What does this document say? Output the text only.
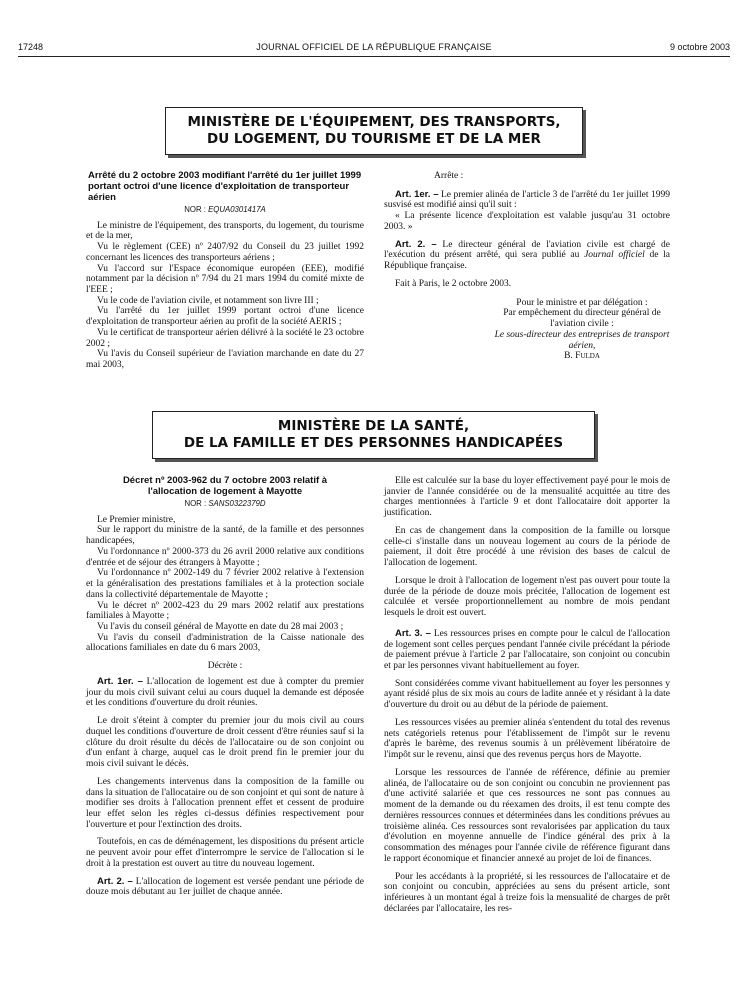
17248	JOURNAL OFFICIEL DE LA RÉPUBLIQUE FRANÇAISE	9 octobre 2003
MINISTÈRE DE L'ÉQUIPEMENT, DES TRANSPORTS,
DU LOGEMENT, DU TOURISME ET DE LA MER
Arrêté du 2 octobre 2003 modifiant l'arrêté du 1er juillet 1999 portant octroi d'une licence d'exploitation de transporteur aérien
NOR : EQUA0301417A

Le ministre de l'équipement, des transports, du logement, du tourisme et de la mer,

Vu le règlement (CEE) nº 2407/92 du Conseil du 23 juillet 1992 concernant les licences des transporteurs aériens ;

Vu l'accord sur l'Espace économique européen (EEE), modifié notamment par la décision nº 7/94 du 21 mars 1994 du comité mixte de l'EEE ;

Vu le code de l'aviation civile, et notamment son livre III ;

Vu l'arrêté du 1er juillet 1999 portant octroi d'une licence d'exploitation de transporteur aérien au profit de la société AERIS ;

Vu le certificat de transporteur aérien délivré à la société le 23 octobre 2002 ;

Vu l'avis du Conseil supérieur de l'aviation marchande en date du 27 mai 2003,

Arrête :

Art. 1er. – Le premier alinéa de l'article 3 de l'arrêté du 1er juillet 1999 susvisé est modifié ainsi qu'il suit :

« La présente licence d'exploitation est valable jusqu'au 31 octobre 2003. »

Art. 2. – Le directeur général de l'aviation civile est chargé de l'exécution du présent arrêté, qui sera publié au Journal officiel de la République française.

Fait à Paris, le 2 octobre 2003.

Pour le ministre et par délégation :

Par empêchement du directeur général de l'aviation civile :

Le sous-directeur des entreprises de transport aérien,

B. Fulda

MINISTÈRE DE LA SANTÉ,
DE LA FAMILLE ET DES PERSONNES HANDICAPÉES
Décret nº 2003-962 du 7 octobre 2003 relatif à l'allocation de logement à Mayotte
NOR : SANS0322379D

Le Premier ministre,

Sur le rapport du ministre de la santé, de la famille et des personnes handicapées,

Vu l'ordonnance nº 2000-373 du 26 avril 2000 relative aux conditions d'entrée et de séjour des étrangers à Mayotte ;

Vu l'ordonnance nº 2002-149 du 7 février 2002 relative à l'extension et la généralisation des prestations familiales et à la protection sociale dans la collectivité départementale de Mayotte ;

Vu le décret nº 2002-423 du 29 mars 2002 relatif aux prestations familiales à Mayotte ;

Vu l'avis du conseil général de Mayotte en date du 28 mai 2003 ;

Vu l'avis du conseil d'administration de la Caisse nationale des allocations familiales en date du 6 mars 2003,

Décrète :

Art. 1er. – L'allocation de logement est due à compter du premier jour du mois civil suivant celui au cours duquel la demande est déposée et les conditions d'ouverture du droit réunies.

Le droit s'éteint à compter du premier jour du mois civil au cours duquel les conditions d'ouverture de droit cessent d'être réunies sauf si la clôture du droit résulte du décès de l'allocataire ou de son conjoint ou d'un enfant à charge, auquel cas le droit prend fin le premier jour du mois civil suivant le décès.

Les changements intervenus dans la composition de la famille ou dans la situation de l'allocataire ou de son conjoint et qui sont de nature à modifier ses droits à l'allocation prennent effet et cessent de produire leur effet selon les règles ci-dessus définies respectivement pour l'ouverture et pour l'extinction des droits.

Toutefois, en cas de déménagement, les dispositions du présent article ne peuvent avoir pour effet d'interrompre le service de l'allocation si le droit à la prestation est ouvert au titre du nouveau logement.

Art. 2. – L'allocation de logement est versée pendant une période de douze mois débutant au 1er juillet de chaque année.

Elle est calculée sur la base du loyer effectivement payé pour le mois de janvier de l'année considérée ou de la mensualité acquittée au titre des charges mentionnées à l'article 9 et dont l'allocataire doit apporter la justification.

En cas de changement dans la composition de la famille ou lorsque celle-ci s'installe dans un nouveau logement au cours de la période de paiement, il doit être procédé à une révision des bases de calcul de l'allocation de logement.

Lorsque le droit à l'allocation de logement n'est pas ouvert pour toute la durée de la période de douze mois précitée, l'allocation de logement est calculée et versée proportionnellement au nombre de mois pendant lesquels le droit est ouvert.

Art. 3. – Les ressources prises en compte pour le calcul de l'allocation de logement sont celles perçues pendant l'année civile précédant la période de paiement prévue à l'article 2 par l'allocataire, son conjoint ou concubin et par les personnes vivant habituellement au foyer.

Sont considérées comme vivant habituellement au foyer les personnes y ayant résidé plus de six mois au cours de ladite année et y résidant à la date d'ouverture du droit ou au début de la période de paiement.

Les ressources visées au premier alinéa s'entendent du total des revenus nets catégoriels retenus pour l'établissement de l'impôt sur le revenu d'après le barème, des revenus soumis à un prélèvement libératoire de l'impôt sur le revenu, ainsi que des revenus perçus hors de Mayotte.

Lorsque les ressources de l'année de référence, définie au premier alinéa, de l'allocataire ou de son conjoint ou concubin ne proviennent pas d'une activité salariée et que ces ressources ne sont pas connues au moment de la demande ou du réexamen des droits, il est tenu compte des dernières ressources connues et déterminées dans les conditions prévues au troisième alinéa. Ces ressources sont revalorisées par application du taux d'évolution en moyenne annuelle de l'indice général des prix à la consommation des ménages pour l'année civile de référence figurant dans le rapport économique et financier annexé au projet de loi de finances.

Pour les accédants à la propriété, si les ressources de l'allocataire et de son conjoint ou concubin, appréciées au sens du présent article, sont inférieures à un montant égal à treize fois la mensualité de charges de prêt déclarées par l'allocataire, les res-
